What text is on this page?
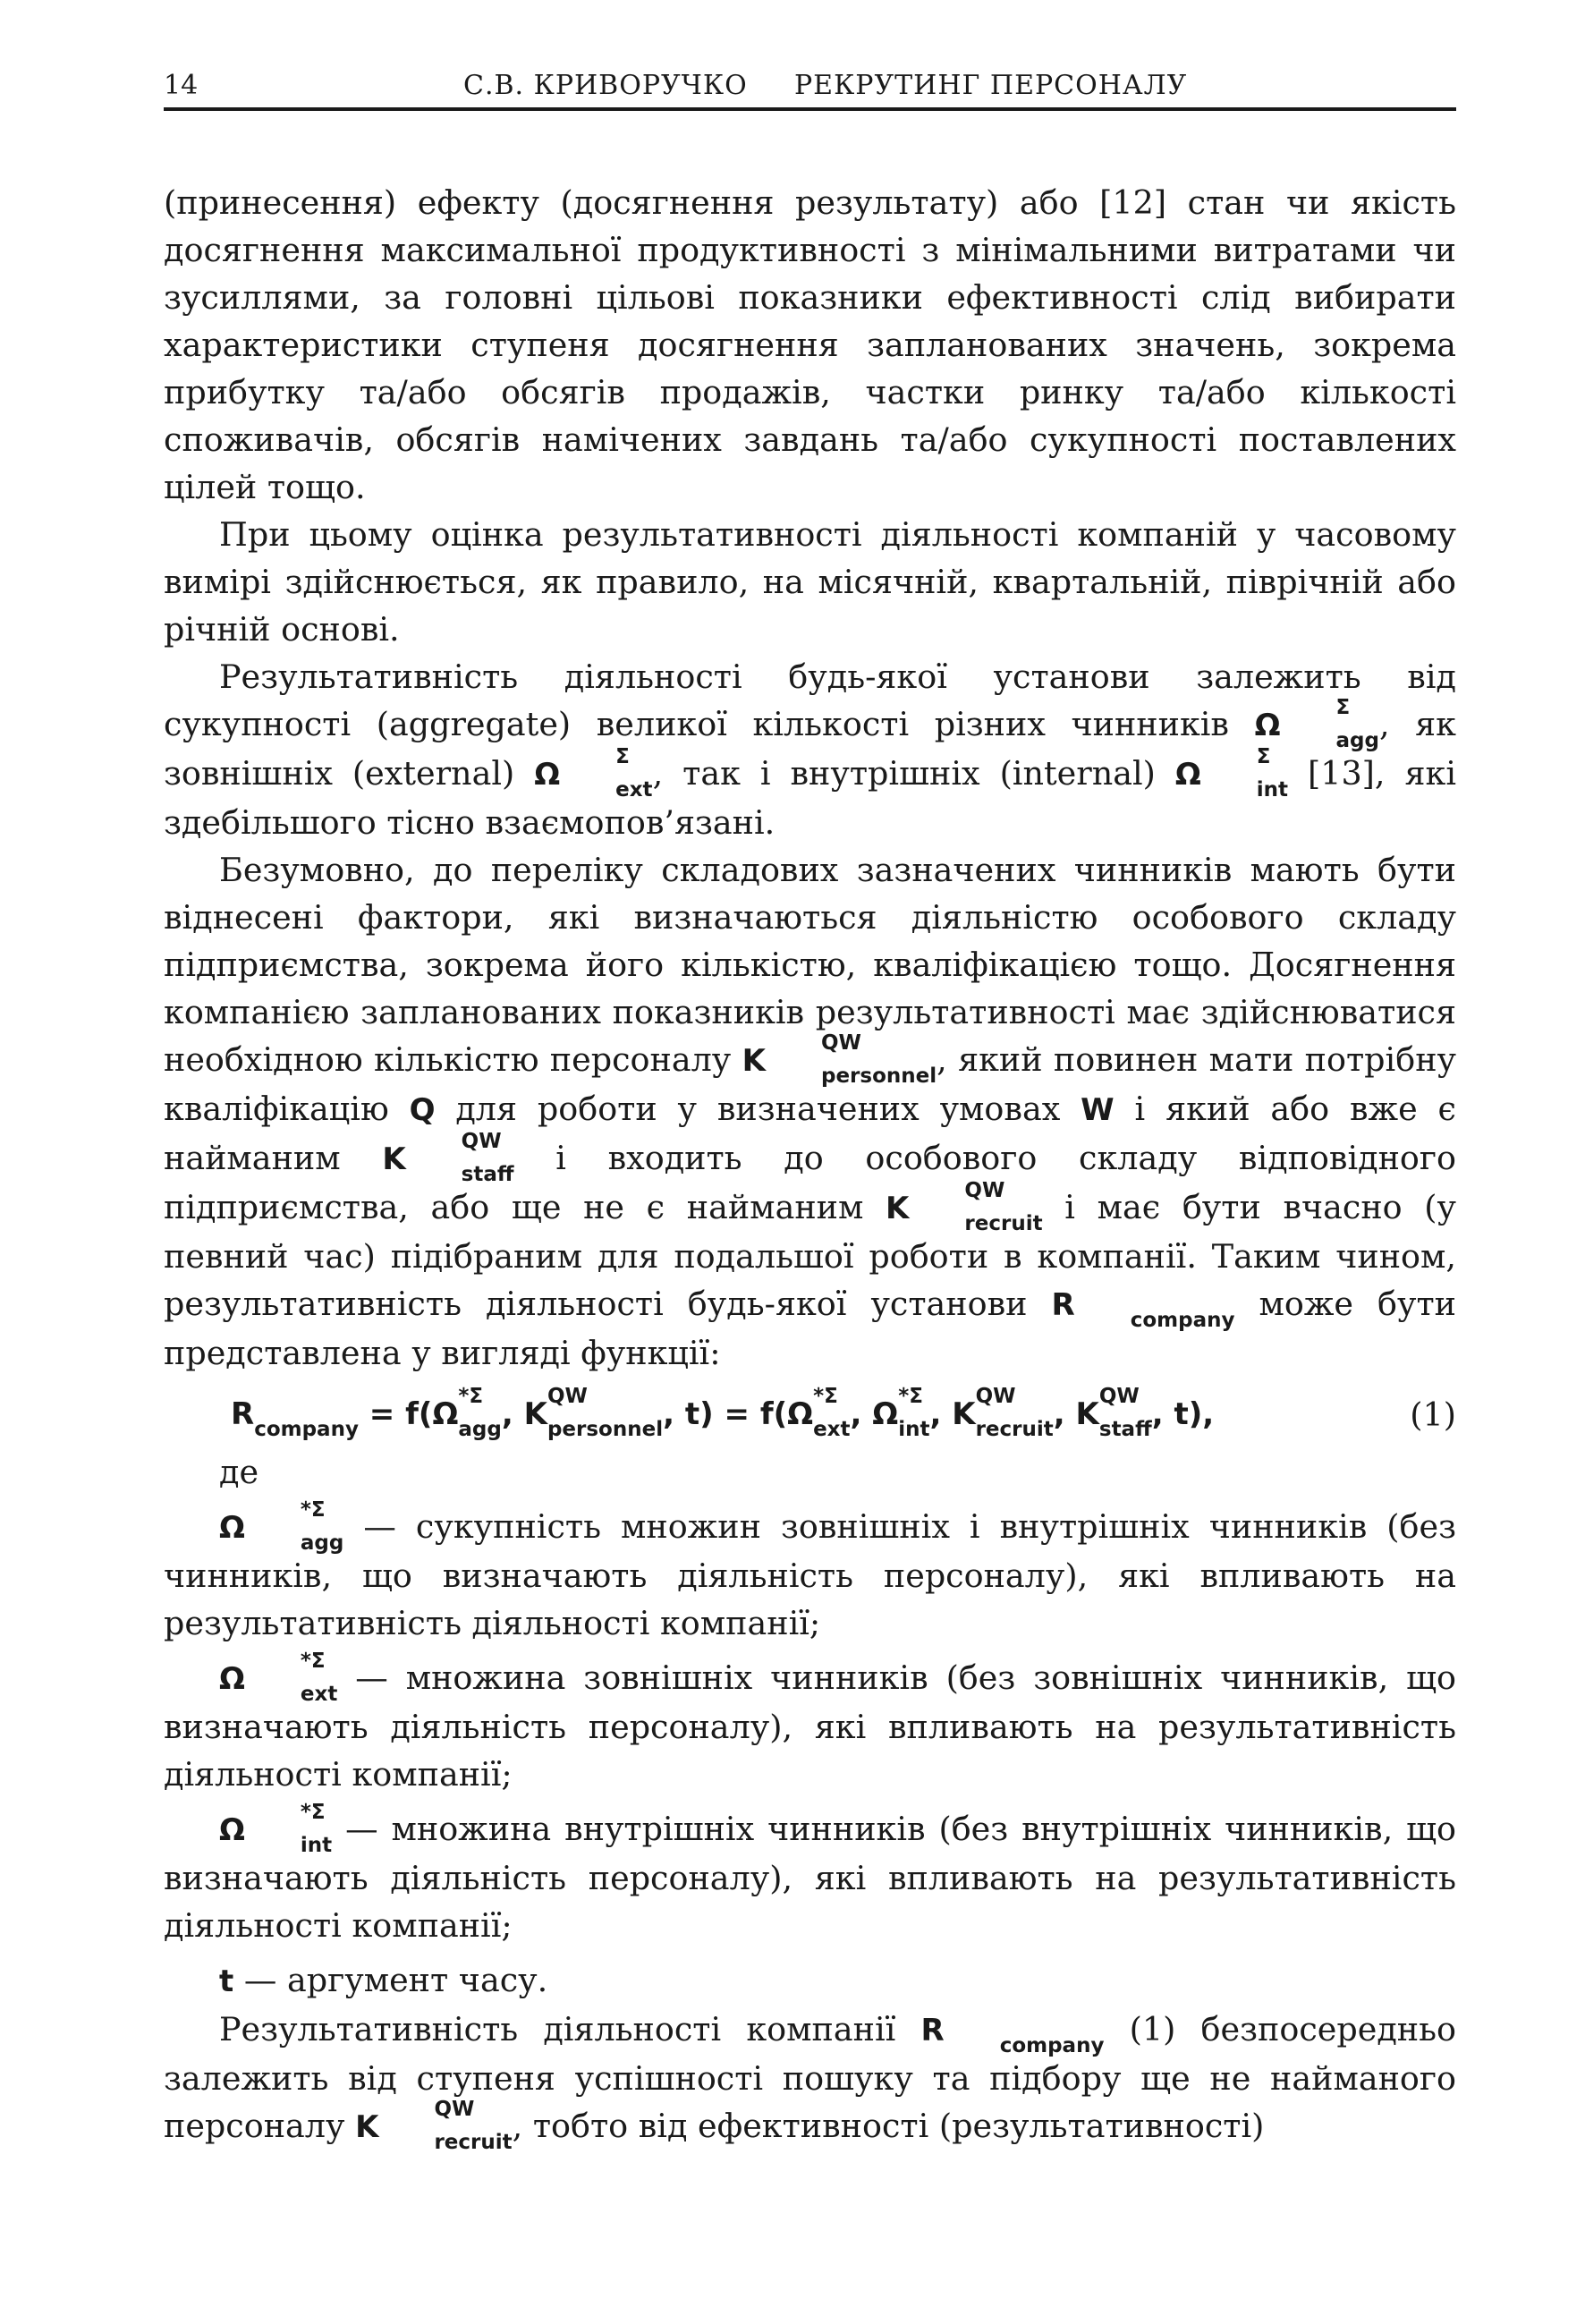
14	С.В. КРИВОРУЧКО РЕКРУТИНГ ПЕРСОНАЛУ

(принесення) ефекту (досягнення результату) або [12] стан чи якість досягнення максимальної продуктивності з мінімальними витратами чи зусиллями, за головні цільові показники ефективності слід вибирати характеристики ступеня досягнення запланованих значень, зокрема прибутку та/або обсягів продажів, частки ринку та/або кількості споживачів, обсягів намічених завдань та/або сукупності поставлених цілей тощо.

При цьому оцінка результативності діяльності компаній у часовому вимірі здійснюється, як правило, на місячній, квартальній, піврічній або річній основі.

Результативність діяльності будь-якої установи залежить від сукупності (aggregate) великої кількості різних чинників Ω	Σ
$_{agg}$, як зовнішніх (external) Ω	Σ
$_{ext}$, так і внутрішніх (internal) Ω	Σ
$_{int}$ [13], які здебільшого тісно взаємопов’язані.

Безумовно, до переліку складових зазначених чинників мають бути віднесені фактори, які визначаються діяльністю особового складу підприємства, зокрема його кількістю, кваліфікацією тощо. Досягнення компанією запланованих показників результативності має здійснюватися необхідною кількістю персоналу K	QW
$_{personnel}$, який повинен мати потрібну кваліфікацію Q для роботи у визначених умовах W і який або вже є найманим K	QW
$_{staff}$ і входить до особового складу відповідного підприємства, або ще не є найманим K	QW
$_{recruit}$ і має бути вчасно (у певний час) підібраним для подальшої роботи в компанії. Таким чином, результативність діяльності будь-якої установи R	$_{company}$ може бути представлена у вигляді функції:

$R_{company} = f(\Omega$ *Σ
$_{agg}$, K QW
$_{personnel}$, t) = f(Ω *Σ
$_{ext}$, Ω *Σ
$_{int}$, K QW
$_{recruit}$, K QW
$_{staff}$, t),	(1)

де

Ω	*Σ
$_{agg}$ — сукупність множин зовнішніх і внутрішніх чинників (без чинників, що визначають діяльність персоналу), які впливають на результативність діяльності компанії;

Ω	*Σ
$_{ext}$ — множина зовнішніх чинників (без зовнішніх чинників, що визначають діяльність персоналу), які впливають на результативність діяльності компанії;

Ω	*Σ
$_{int}$ — множина внутрішніх чинників (без внутрішніх чинників, що визначають діяльність персоналу), які впливають на результативність діяльності компанії;

t — аргумент часу.

Результативність діяльності компанії R	$_{company}$ (1) безпосередньо залежить від ступеня успішності пошуку та підбору ще не найманого персоналу K	QW
$_{recruit}$, тобто від ефективності (результативності)
